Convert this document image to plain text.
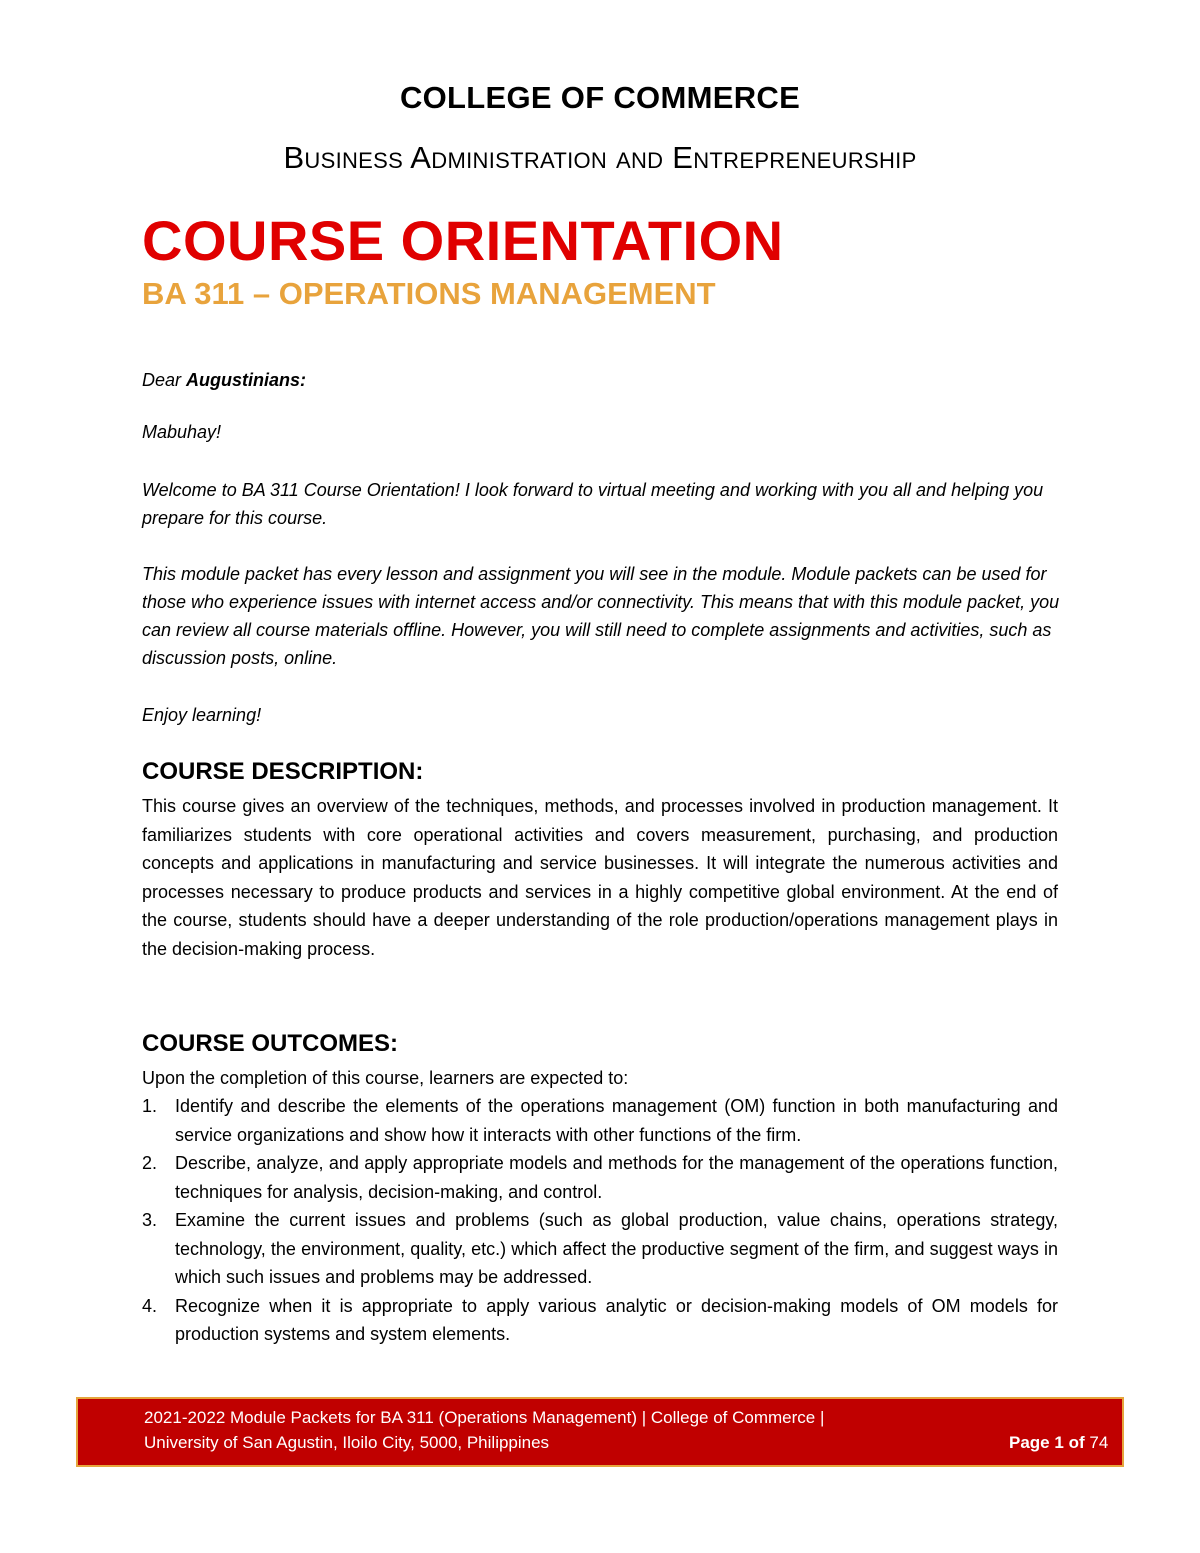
COLLEGE OF COMMERCE
Business Administration and Entrepreneurship
COURSE ORIENTATION
BA 311 – OPERATIONS MANAGEMENT

Dear Augustinians:

Mabuhay!

Welcome to BA 311 Course Orientation! I look forward to virtual meeting and working with you all and helping you prepare for this course.

This module packet has every lesson and assignment you will see in the module. Module packets can be used for those who experience issues with internet access and/or connectivity. This means that with this module packet, you can review all course materials offline. However, you will still need to complete assignments and activities, such as discussion posts, online.

Enjoy learning!

COURSE DESCRIPTION:

This course gives an overview of the techniques, methods, and processes involved in production management. It familiarizes students with core operational activities and covers measurement, purchasing, and production concepts and applications in manufacturing and service businesses. It will integrate the numerous activities and processes necessary to produce products and services in a highly competitive global environment. At the end of the course, students should have a deeper understanding of the role production/operations management plays in the decision-making process.

COURSE OUTCOMES:

Upon the completion of this course, learners are expected to:

1. Identify and describe the elements of the operations management (OM) function in both manufacturing and service organizations and show how it interacts with other functions of the firm.
2. Describe, analyze, and apply appropriate models and methods for the management of the operations function, techniques for analysis, decision-making, and control.
3. Examine the current issues and problems (such as global production, value chains, operations strategy, technology, the environment, quality, etc.) which affect the productive segment of the firm, and suggest ways in which such issues and problems may be addressed.
4. Recognize when it is appropriate to apply various analytic or decision-making models of OM models for production systems and system elements.
2021-2022 Module Packets for BA 311 (Operations Management) | College of Commerce |
University of San Agustin, Iloilo City, 5000, Philippines	Page 1 of 74
